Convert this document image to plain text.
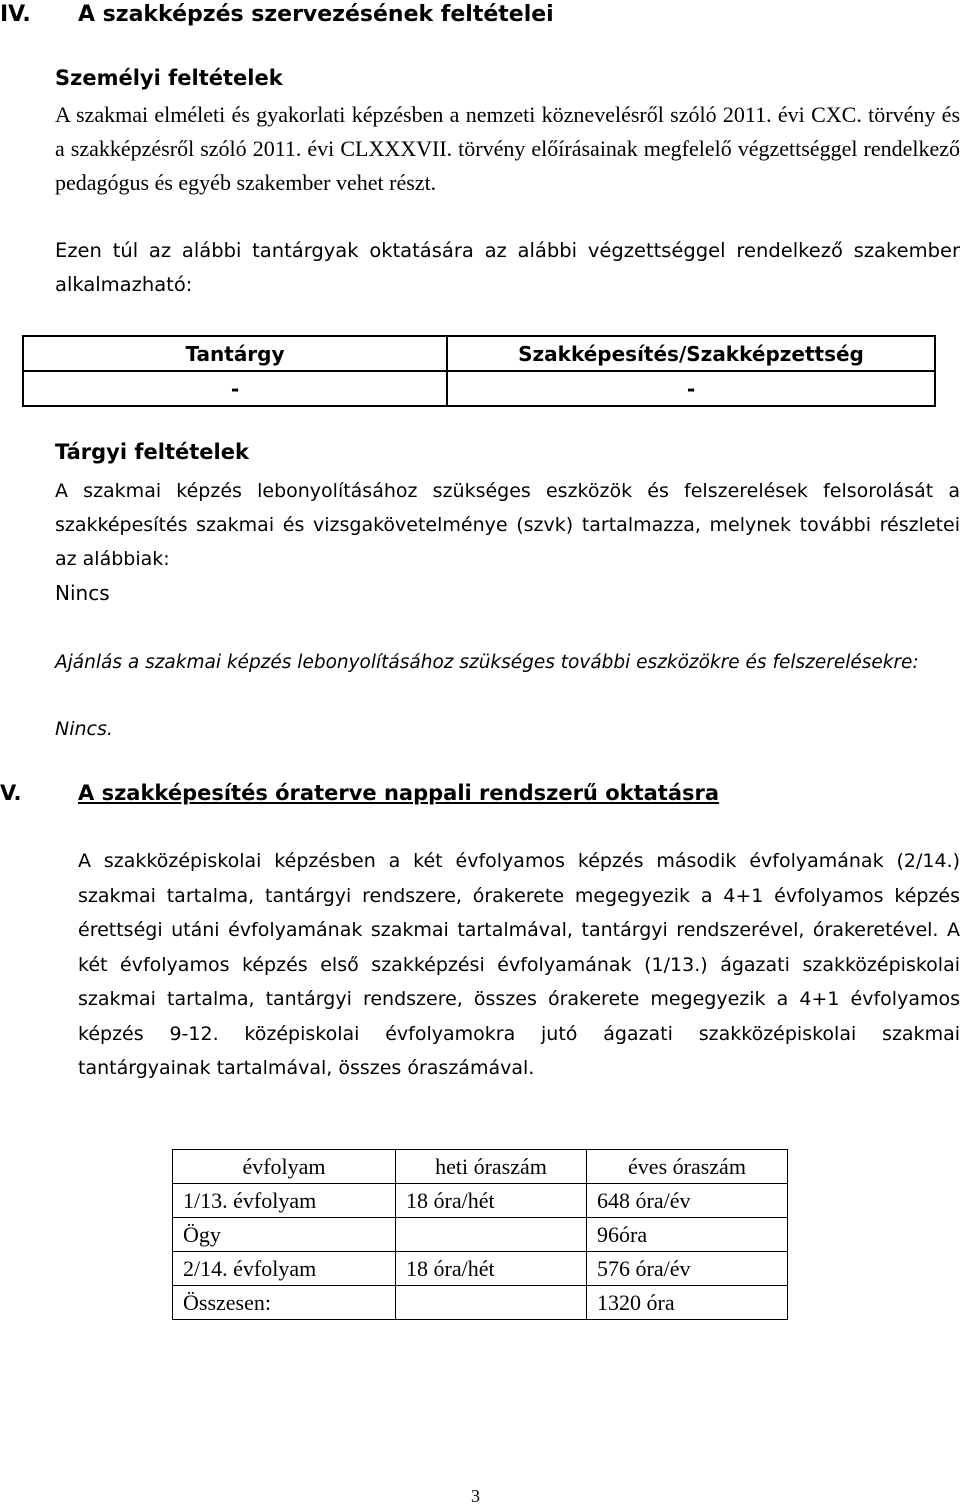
IV. A szakképzés szervezésének feltételei
Személyi feltételek
A szakmai elméleti és gyakorlati képzésben a nemzeti köznevelésről szóló 2011. évi CXC. törvény és a szakképzésről szóló 2011. évi CLXXXVII. törvény előírásainak megfelelő végzettséggel rendelkező pedagógus és egyéb szakember vehet részt.
Ezen túl az alábbi tantárgyak oktatására az alábbi végzettséggel rendelkező szakember alkalmazható:
Tantárgy	Szakképesítés/Szakképzettség
-	-
Tárgyi feltételek
A szakmai képzés lebonyolításához szükséges eszközök és felszerelések felsorolását a szakképesítés szakmai és vizsgakövetelménye (szvk) tartalmazza, melynek további részletei az alábbiak:
Nincs
Ajánlás a szakmai képzés lebonyolításához szükséges további eszközökre és felszerelésekre:
Nincs.
V.	A szakképesítés óraterve nappali rendszerű oktatásra
A szakközépiskolai képzésben a két évfolyamos képzés második évfolyamának (2/14.) szakmai tartalma, tantárgyi rendszere, órakerete megegyezik a 4+1 évfolyamos képzés érettségi utáni évfolyamának szakmai tartalmával, tantárgyi rendszerével, órakeretével. A két évfolyamos képzés első szakképzési évfolyamának (1/13.) ágazati szakközépiskolai szakmai tartalma, tantárgyi rendszere, összes órakerete megegyezik a 4+1 évfolyamos képzés 9-12. középiskolai évfolyamokra jutó ágazati szakközépiskolai szakmai tantárgyainak tartalmával, összes óraszámával.
évfolyam	heti óraszám	éves óraszám
1/13. évfolyam	18 óra/hét	648 óra/év
Ögy		96óra
2/14. évfolyam	18 óra/hét	576 óra/év
Összesen:		1320 óra
3
